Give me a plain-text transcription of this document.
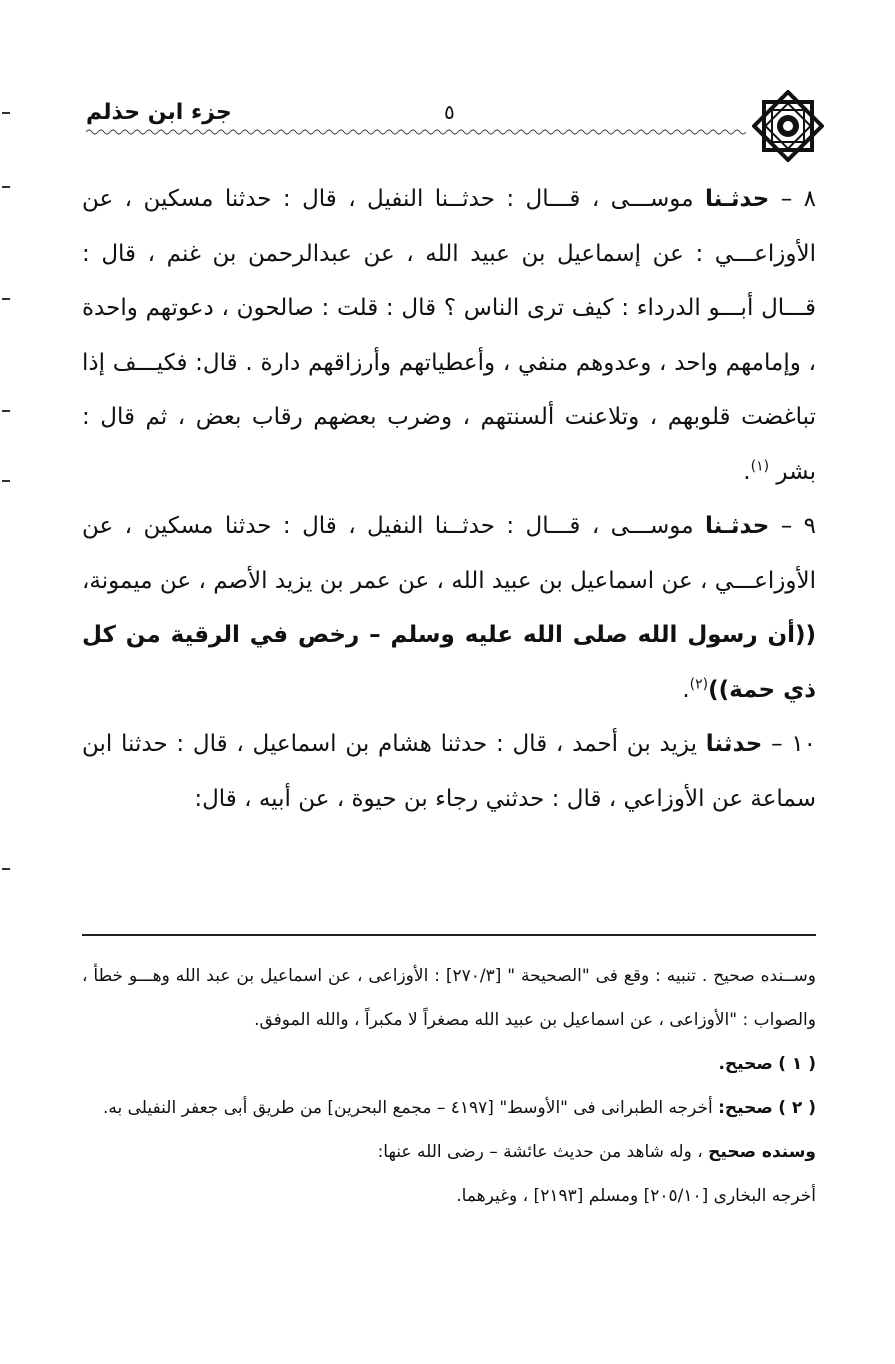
جزء ابن حذلم	٥

٨ – حدثـنا موســـى ، قـــال : حدثــنا النفيل ، قال : حدثنا مسكين ، عن الأوزاعـــي : عن إسماعيل بن عبيد الله ، عن عبدالرحمن بن غنم ، قال : قـــال أبـــو الدرداء : كيف ترى الناس ؟ قال : قلت : صالحون ، دعوتهم واحدة ، وإمامهم واحد ، وعدوهم منفي ، وأعطياتهم وأرزاقهم دارة . قال: فكيـــف إذا تباغضت قلوبهم ، وتلاعنت ألسنتهم ، وضرب بعضهم رقاب بعض ، ثم قال : بشر $^{(١)}$.

٩ – حدثـنا موســـى ، قـــال : حدثــنا النفيل ، قال : حدثنا مسكين ، عن الأوزاعـــي ، عن اسماعيل بن عبيد الله ، عن عمر بن يزيد الأصم ، عن ميمونة، ((أن رسول الله صلى الله عليه وسلم – رخص في الرقية من كل ذي حمة))$^{(٢)}$.

١٠ – حدثنا يزيد بن أحمد ، قال : حدثنا هشام بن اسماعيل ، قال : حدثنا ابن سماعة عن الأوزاعي ، قال : حدثني رجاء بن حيوة ، عن أبيه ، قال:

وســنده صحيح . تنبيه : وقع فى "الصحيحة " [٢٧٠/٣] : الأوزاعى ، عن اسماعيل بن عبد الله وهـــو خطأ ، والصواب : "الأوزاعى ، عن اسماعيل بن عبيد الله مصغراً لا مكبراً ، والله الموفق.

( ١ ) صحيح.

( ٢ ) صحيح: أخرجه الطبرانى فى "الأوسط" [٤١٩٧ – مجمع البحرين] من طريق أبى جعفر النفيلى به.

وسنده صحيح ، وله شاهد من حديث عائشة – رضى الله عنها:

أخرجه البخارى [٢٠٥/١٠] ومسلم [٢١٩٣] ، وغيرهما.
